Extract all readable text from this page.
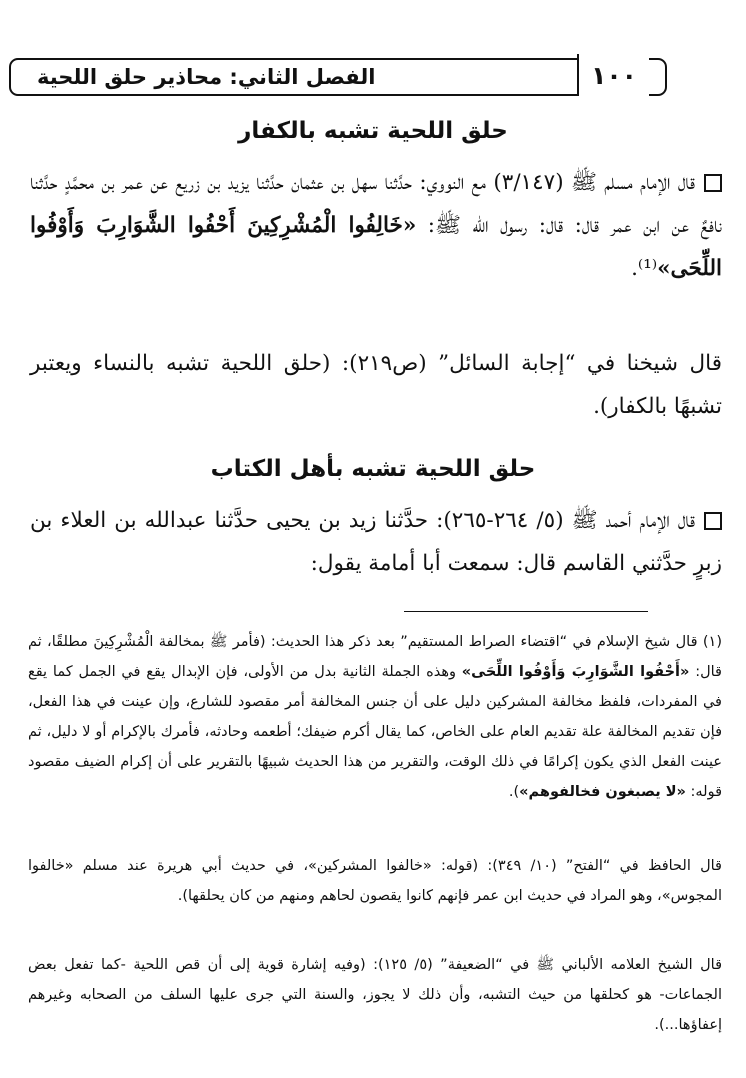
الفصل الثاني: محاذير حلق اللحية	١٠٠
حلق اللحية تشبه بالكفار
قال الإمام مسلم ﷺ (٣/١٤٧) مع النووي: حدَّثنا سهل بن عثمان حدَّثنا يزيد بن زريع عن عمر بن محمَّدٍ حدَّثنا نافعٌ عن ابن عمر قال: قال: رسول الله ﷺ: «خَالِفُوا الْمُشْرِكِينَ أَحْفُوا الشَّوَارِبَ وَأَوْفُوا اللِّحَى»⁽¹⁾.
قال شيخنا في “إجابة السائل” (ص٢١٩): (حلق اللحية تشبه بالنساء ويعتبر تشبهًا بالكفار).
حلق اللحية تشبه بأهل الكتاب
قال الإمام أحمد ﷺ (٥/ ٢٦٤-٢٦٥): حدَّثنا زيد بن يحيى حدَّثنا عبدالله بن العلاء بن زبرٍ حدَّثني القاسم قال: سمعت أبا أمامة يقول:
(١) قال شيخ الإسلام في “اقتضاء الصراط المستقيم” بعد ذكر هذا الحديث: (فأمر ﷺ بمخالفة الْمُشْرِكِينَ مطلقًا، ثم قال: «أَحْفُوا الشَّوَارِبَ وَأَوْفُوا اللِّحَى» وهذه الجملة الثانية بدل من الأولى، فإن الإبدال يقع في الجمل كما يقع في المفردات، فلفظ مخالفة المشركين دليل على أن جنس المخالفة أمر مقصود للشارع، وإن عينت في هذا الفعل، فإن تقديم المخالفة علة تقديم العام على الخاص، كما يقال أكرم ضيفك؛ أطعمه وحادثه، فأمرك بالإكرام أو لا دليل، ثم عينت الفعل الذي يكون إكرامًا في ذلك الوقت، والتقرير من هذا الحديث شبيهًا بالتقرير على أن إكرام الضيف مقصود قوله: «لا يصبغون فخالفوهم»).
قال الحافظ في “الفتح” (١٠/ ٣٤٩): (قوله: «خالفوا المشركين»، في حديث أبي هريرة عند مسلم «خالفوا المجوس»، وهو المراد في حديث ابن عمر فإنهم كانوا يقصون لحاهم ومنهم من كان يحلقها).
قال الشيخ العلامه الألباني ﷺ في “الضعيفة” (٥/ ١٢٥): (وفيه إشارة قوية إلى أن قص اللحية -كما تفعل بعض الجماعات- هو كحلقها من حيث التشبه، وأن ذلك لا يجوز، والسنة التي جرى عليها السلف من الصحابه وغيرهم إعفاؤها...).
